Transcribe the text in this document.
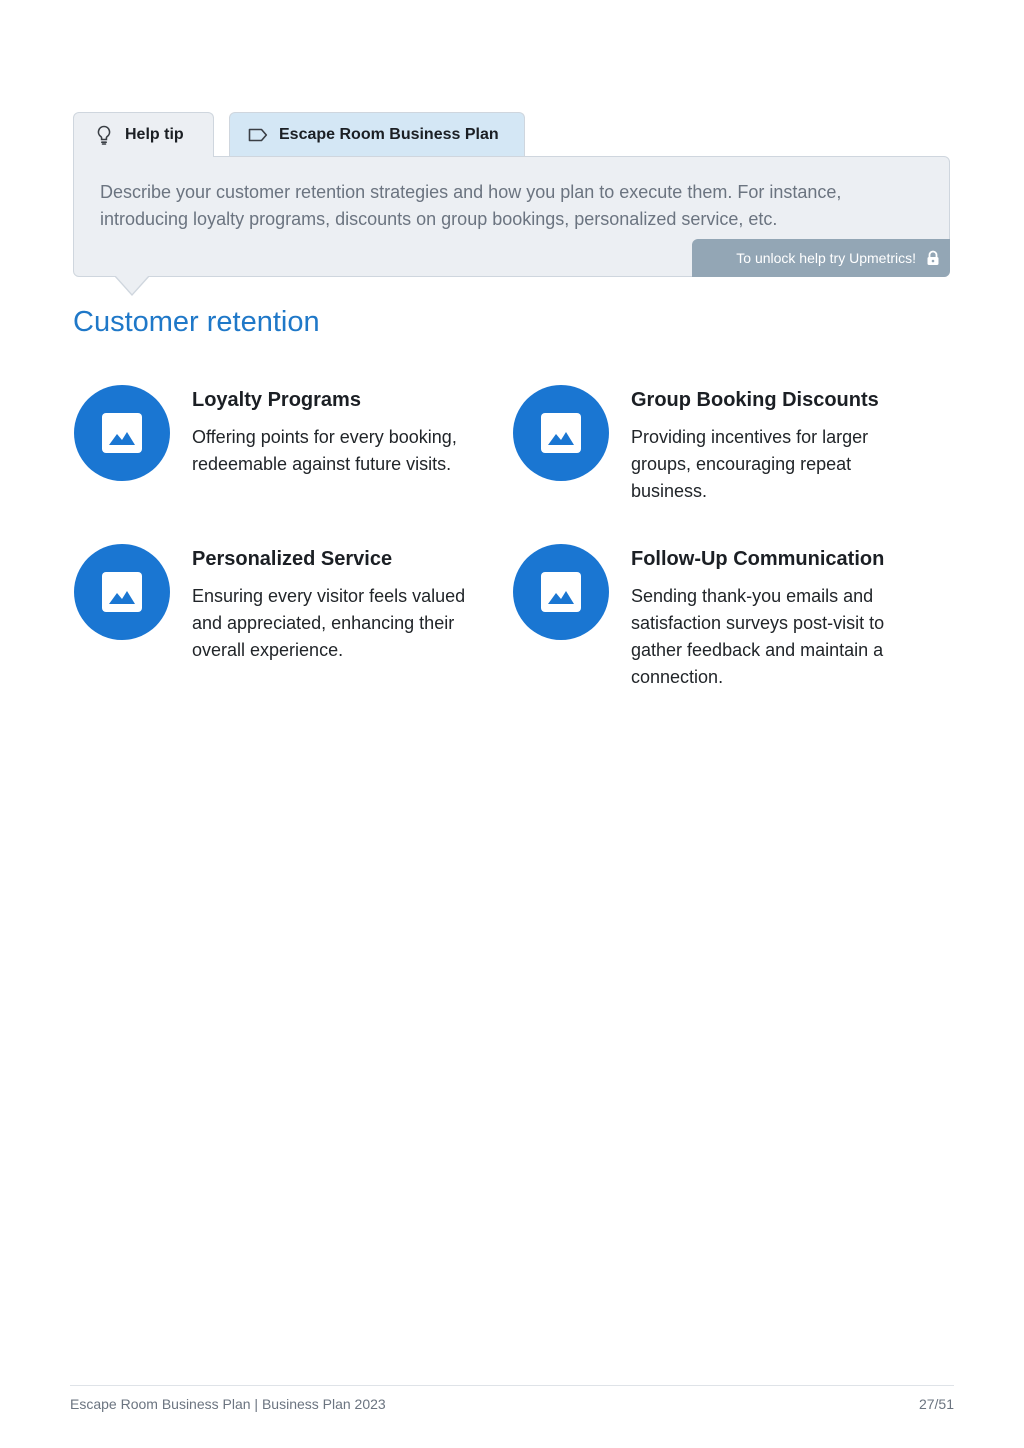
Help tip	Escape Room Business Plan

Describe your customer retention strategies and how you plan to execute them. For instance, introducing loyalty programs, discounts on group bookings, personalized service, etc.

To unlock help try Upmetrics!
Customer retention
Loyalty Programs

Offering points for every booking, redeemable against future visits.

Group Booking Discounts

Providing incentives for larger groups, encouraging repeat business.

Personalized Service

Ensuring every visitor feels valued and appreciated, enhancing their overall experience.

Follow-Up Communication

Sending thank-you emails and satisfaction surveys post-visit to gather feedback and maintain a connection.

Escape Room Business Plan | Business Plan 2023	27/51
